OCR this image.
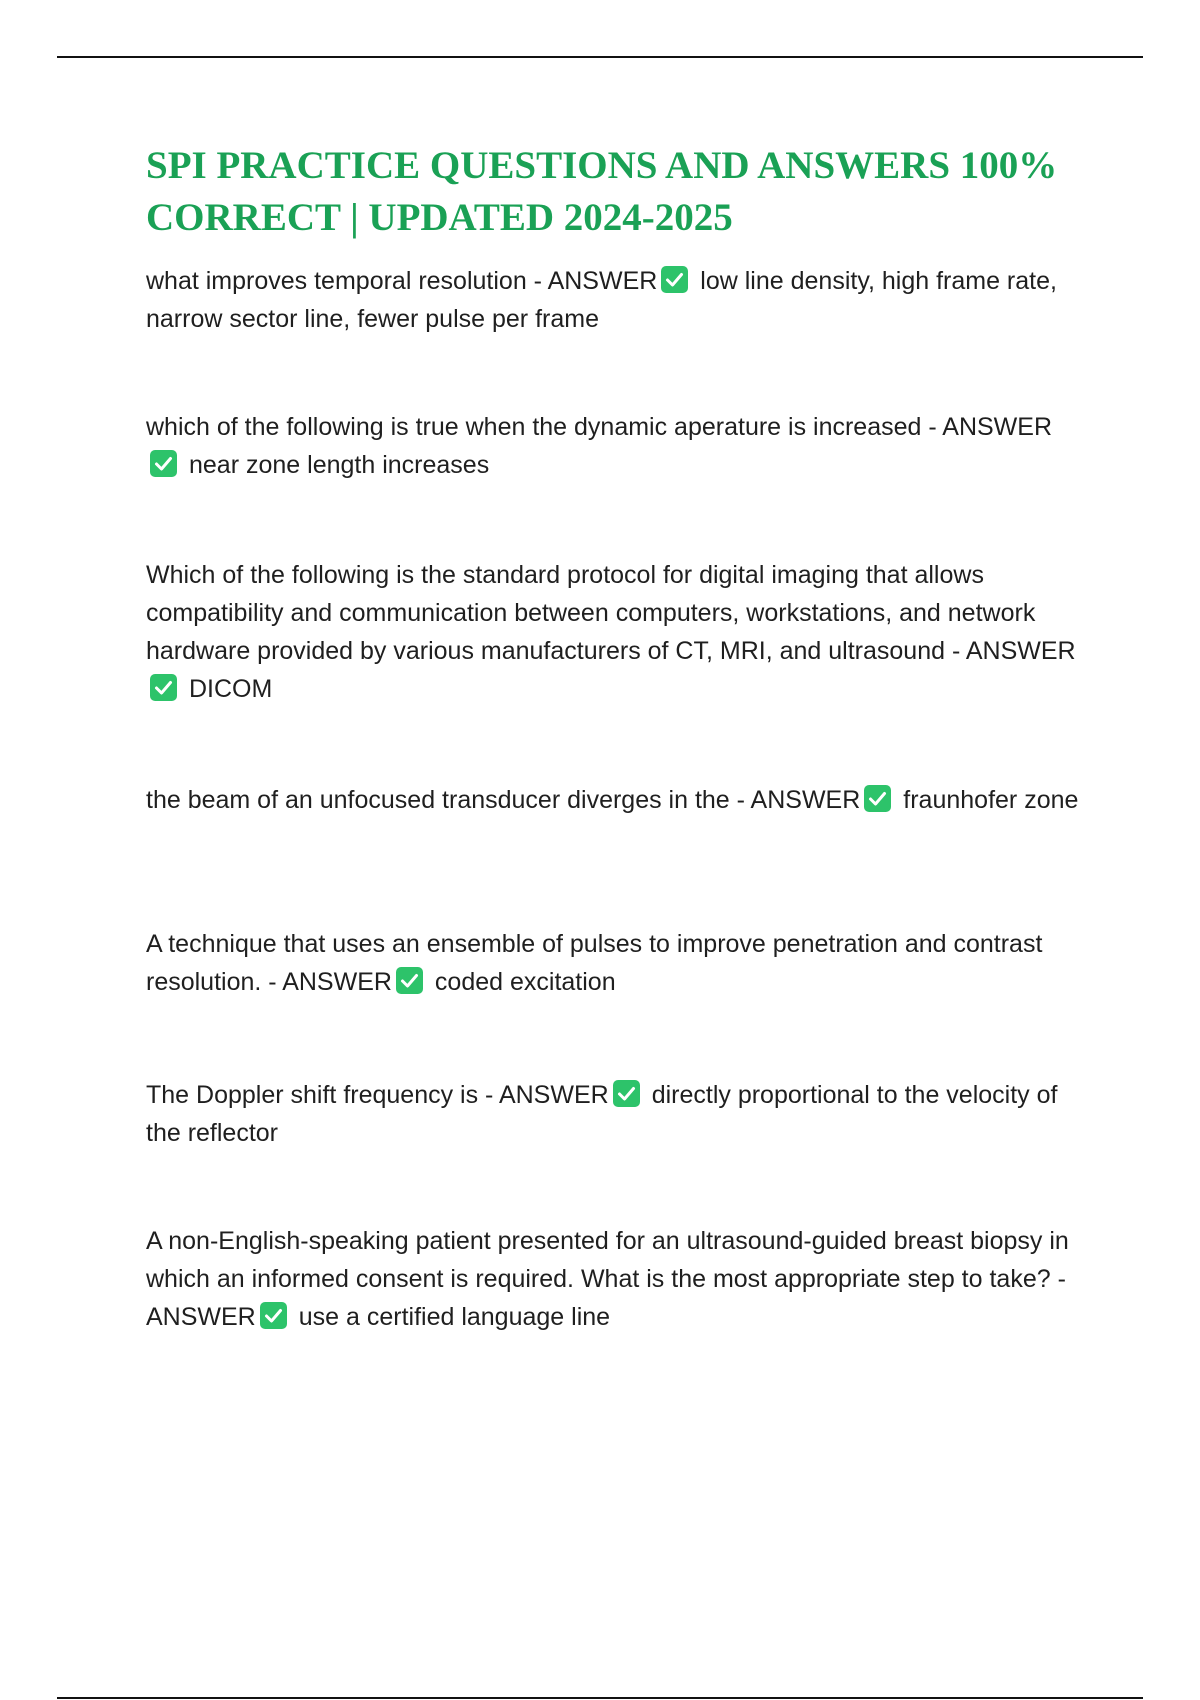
SPI PRACTICE QUESTIONS AND ANSWERS 100% CORRECT | UPDATED 2024-2025

what improves temporal resolution - ANSWER low line density, high frame rate, narrow sector line, fewer pulse per frame

which of the following is true when the dynamic aperature is increased - ANSWER
near zone length increases

Which of the following is the standard protocol for digital imaging that allows compatibility and communication between computers, workstations, and network hardware provided by various manufacturers of CT, MRI, and ultrasound - ANSWER
DICOM

the beam of an unfocused transducer diverges in the - ANSWER fraunhofer zone

A technique that uses an ensemble of pulses to improve penetration and contrast resolution. - ANSWER coded excitation

The Doppler shift frequency is - ANSWER directly proportional to the velocity of the reflector

A non-English-speaking patient presented for an ultrasound-guided breast biopsy in which an informed consent is required. What is the most appropriate step to take? - ANSWER use a certified language line
